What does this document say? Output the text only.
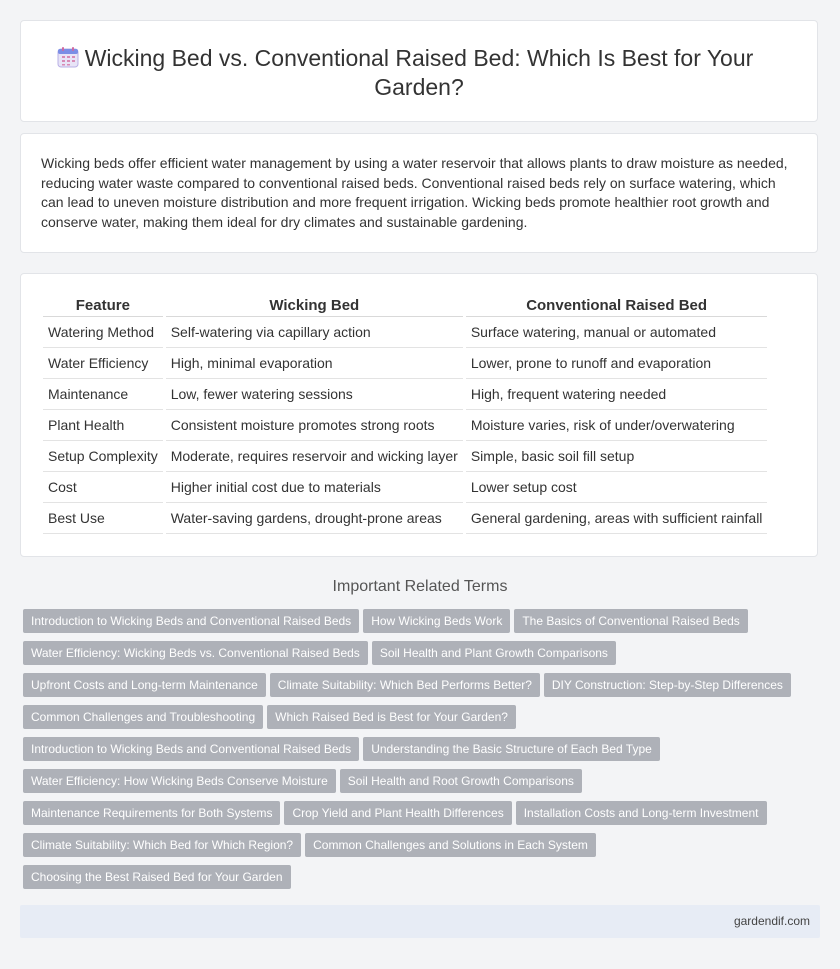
Wicking Bed vs. Conventional Raised Bed: Which Is Best for Your Garden?

Wicking beds offer efficient water management by using a water reservoir that allows plants to draw moisture as needed, reducing water waste compared to conventional raised beds. Conventional raised beds rely on surface watering, which can lead to uneven moisture distribution and more frequent irrigation. Wicking beds promote healthier root growth and conserve water, making them ideal for dry climates and sustainable gardening.

Feature	Wicking Bed	Conventional Raised Bed
Watering Method	Self-watering via capillary action	Surface watering, manual or automated
Water Efficiency	High, minimal evaporation	Lower, prone to runoff and evaporation
Maintenance	Low, fewer watering sessions	High, frequent watering needed
Plant Health	Consistent moisture promotes strong roots	Moisture varies, risk of under/overwatering
Setup Complexity	Moderate, requires reservoir and wicking layer	Simple, basic soil fill setup
Cost	Higher initial cost due to materials	Lower setup cost
Best Use	Water-saving gardens, drought-prone areas	General gardening, areas with sufficient rainfall
Important Related Terms
Introduction to Wicking Beds and Conventional Raised Beds How Wicking Beds Work The Basics of Conventional Raised BedsWater Efficiency: Wicking Beds vs. Conventional Raised Beds Soil Health and Plant Growth ComparisonsUpfront Costs and Long-term Maintenance Climate Suitability: Which Bed Performs Better? DIY Construction: Step-by-Step DifferencesCommon Challenges and Troubleshooting Which Raised Bed is Best for Your Garden?Introduction to Wicking Beds and Conventional Raised Beds Understanding the Basic Structure of Each Bed TypeWater Efficiency: How Wicking Beds Conserve Moisture Soil Health and Root Growth ComparisonsMaintenance Requirements for Both Systems Crop Yield and Plant Health Differences Installation Costs and Long-term InvestmentClimate Suitability: Which Bed for Which Region? Common Challenges and Solutions in Each SystemChoosing the Best Raised Bed for Your Garden
gardendif.com
